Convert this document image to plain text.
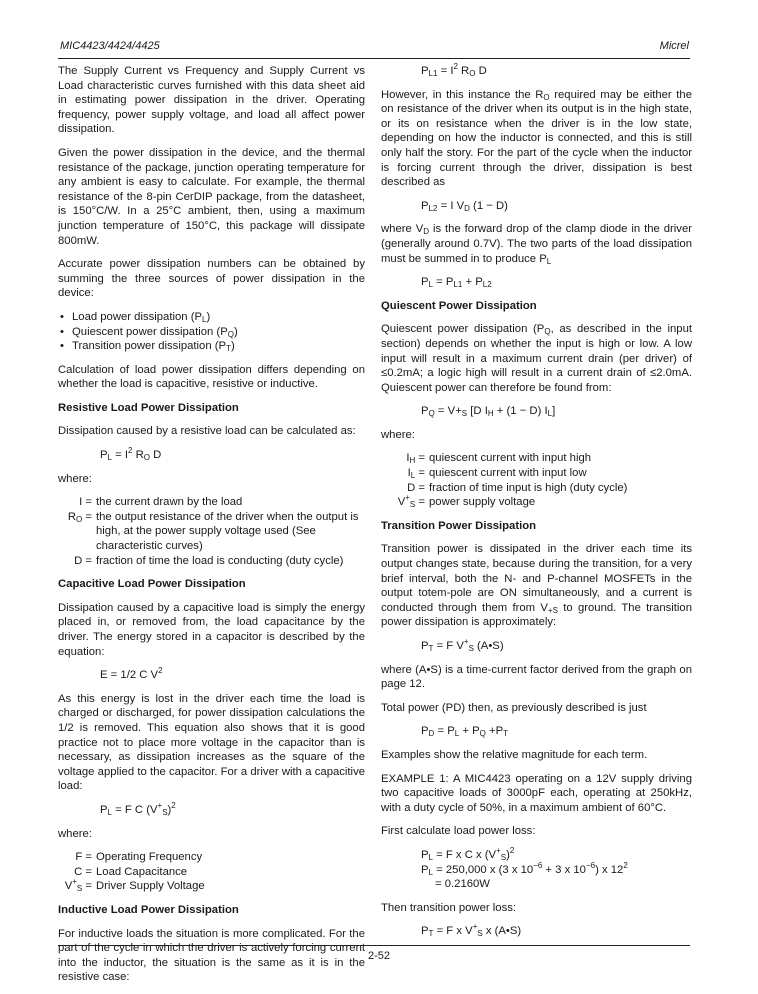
MIC4423/4424/4425	Micrel

The Supply Current vs Frequency and Supply Current vs Load characteristic curves furnished with this data sheet aid in estimating power dissipation in the driver. Operating frequency, power supply voltage, and load all affect power dissipation.

Given the power dissipation in the device, and the thermal resistance of the package, junction operating temperature for any ambient is easy to calculate. For example, the thermal resistance of the 8-pin CerDIP package, from the datasheet, is 150°C/W. In a 25°C ambient, then, using a maximum junction temperature of 150°C, this package will dissipate 800mW.

Accurate power dissipation numbers can be obtained by summing the three sources of power dissipation in the device:

• Load power dissipation $(P_L)$
• Quiescent power dissipation $(P_Q)$
• Transition power dissipation $(P_T)$

Calculation of load power dissipation differs depending on whether the load is capacitive, resistive or inductive.

Resistive Load Power Dissipation

Dissipation caused by a resistive load can be calculated as:

$P_L = I^2$ $R_O$ D

where:

I = the current drawn by the load
$R_O$ = the output resistance of the driver when the output is high, at the power supply voltage used (See characteristic curves)
D = fraction of time the load is conducting (duty cycle)
Capacitive Load Power Dissipation

Dissipation caused by a capacitive load is simply the energy placed in, or removed from, the load capacitance by the driver. The energy stored in a capacitor is described by the equation:

E = 1/2 C $V^2$

As this energy is lost in the driver each time the load is charged or discharged, for power dissipation calculations the 1/2 is removed. This equation also shows that it is good practice not to place more voltage in the capacitor than is necessary, as dissipation increases as the square of the voltage applied to the capacitor. For a driver with a capacitive load:

$P_L = F$ C $(V^+_S)^2$

where:

F = Operating Frequency
C = Load Capacitance
$V^+_S$ = Driver Supply Voltage
Inductive Load Power Dissipation

For inductive loads the situation is more complicated. For the part of the cycle in which the driver is actively forcing current into the inductor, the situation is the same as it is in the resistive case:

$P_{L1} = I^2$ $R_O$ D

However, in this instance the $R_O$ required may be either the on resistance of the driver when its output is in the high state, or its on resistance when the driver is in the low state, depending on how the inductor is connected, and this is still only half the story. For the part of the cycle when the inductor is forcing current through the driver, dissipation is best described as

$P_{L2} = I$ $V_D$ (1 − D)

where $V_D$ is the forward drop of the clamp diode in the driver (generally around 0.7V). The two parts of the load dissipation must be summed in to produce $P_L$

$P_L = P_{L1} + P_{L2}$
Quiescent Power Dissipation

Quiescent power dissipation ($P_Q$, as described in the input section) depends on whether the input is high or low. A low input will result in a maximum current drain (per driver) of ≤0.2mA; a logic high will result in a current drain of ≤2.0mA. Quiescent power can therefore be found from:

$P_Q = V+_S$ [D $I_H + (1 - D)$ $I_L$]

where:

$I_H$ = quiescent current with input high
$I_L$ = quiescent current with input low
D = fraction of time input is high (duty cycle)
$V^+_S$ = power supply voltage
Transition Power Dissipation

Transition power is dissipated in the driver each time its output changes state, because during the transition, for a very brief interval, both the N- and P-channel MOSFETs in the output totem-pole are ON simultaneously, and a current is conducted through them from $V_{+S}$ to ground. The transition power dissipation is approximately:

$P_T = F$ $V^+_S$ (A•S)

where (A•S) is a time-current factor derived from the graph on page 12.

Total power (PD) then, as previously described is just

$P_D = P_L + P_Q +P_T$

Examples show the relative magnitude for each term.

EXAMPLE 1: A MIC4423 operating on a 12V supply driving two capacitive loads of 3000pF each, operating at 250kHz, with a duty cycle of 50%, in a maximum ambient of 60°C.

First calculate load power loss:

$P_L = F$ x C x $(V^+_S)^2$
$P_L = 250,000$ x (3 x $10^{-6} + 3$ x $10^{-6}$) x $12^2$
= 0.2160W

Then transition power loss:

$P_T = F$ x $V^+_S$ x (A•S)
2-52
